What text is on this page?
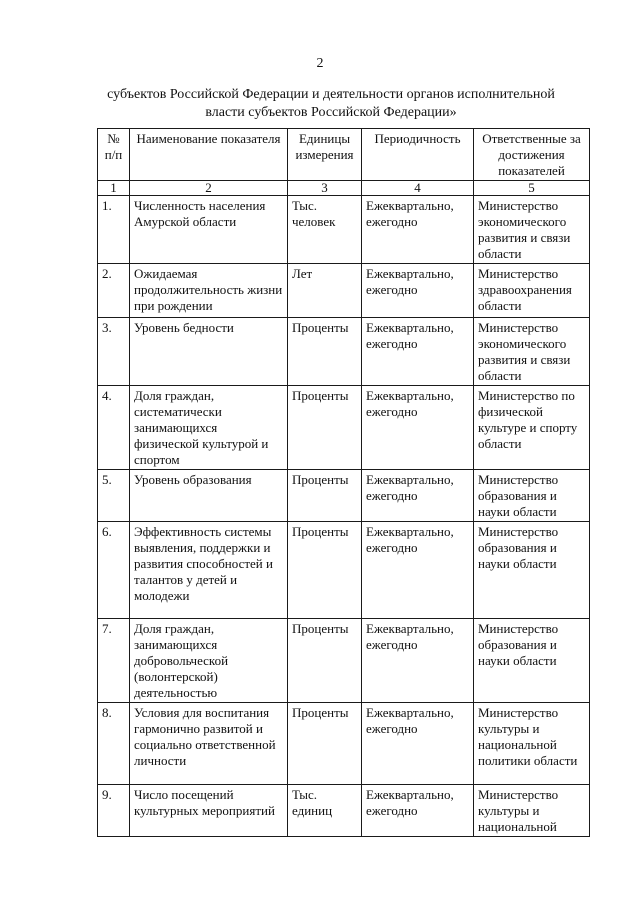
2
субъектов Российской Федерации и деятельности органов исполнительной
власти субъектов Российской Федерации»
№ п/п	Наименование показателя	Единицы измерения	Периодичность	Ответственные за достижения показателей
1	2	3	4	5
1.	Численность населения Амурской области	Тыс. человек	Ежеквартально, ежегодно	Министерство экономического развития и связи области
2.	Ожидаемая продолжительность жизни при рождении	Лет	Ежеквартально, ежегодно	Министерство здравоохранения области
3.	Уровень бедности	Проценты	Ежеквартально, ежегодно	Министерство экономического развития и связи области
4.	Доля граждан, систематически занимающихся физической культурой и спортом	Проценты	Ежеквартально, ежегодно	Министерство по физической культуре и спорту области
5.	Уровень образования	Проценты	Ежеквартально, ежегодно	Министерство образования и науки области
6.	Эффективность системы выявления, поддержки и развития способностей и талантов у детей и молодежи	Проценты	Ежеквартально, ежегодно	Министерство образования и науки области
7.	Доля граждан, занимающихся добровольческой (волонтерской) деятельностью	Проценты	Ежеквартально, ежегодно	Министерство образования и науки области
8.	Условия для воспитания гармонично развитой и социально ответственной личности	Проценты	Ежеквартально, ежегодно	Министерство культуры и национальной политики области
9.	Число посещений культурных мероприятий	Тыс. единиц	Ежеквартально, ежегодно	Министерство культуры и национальной
